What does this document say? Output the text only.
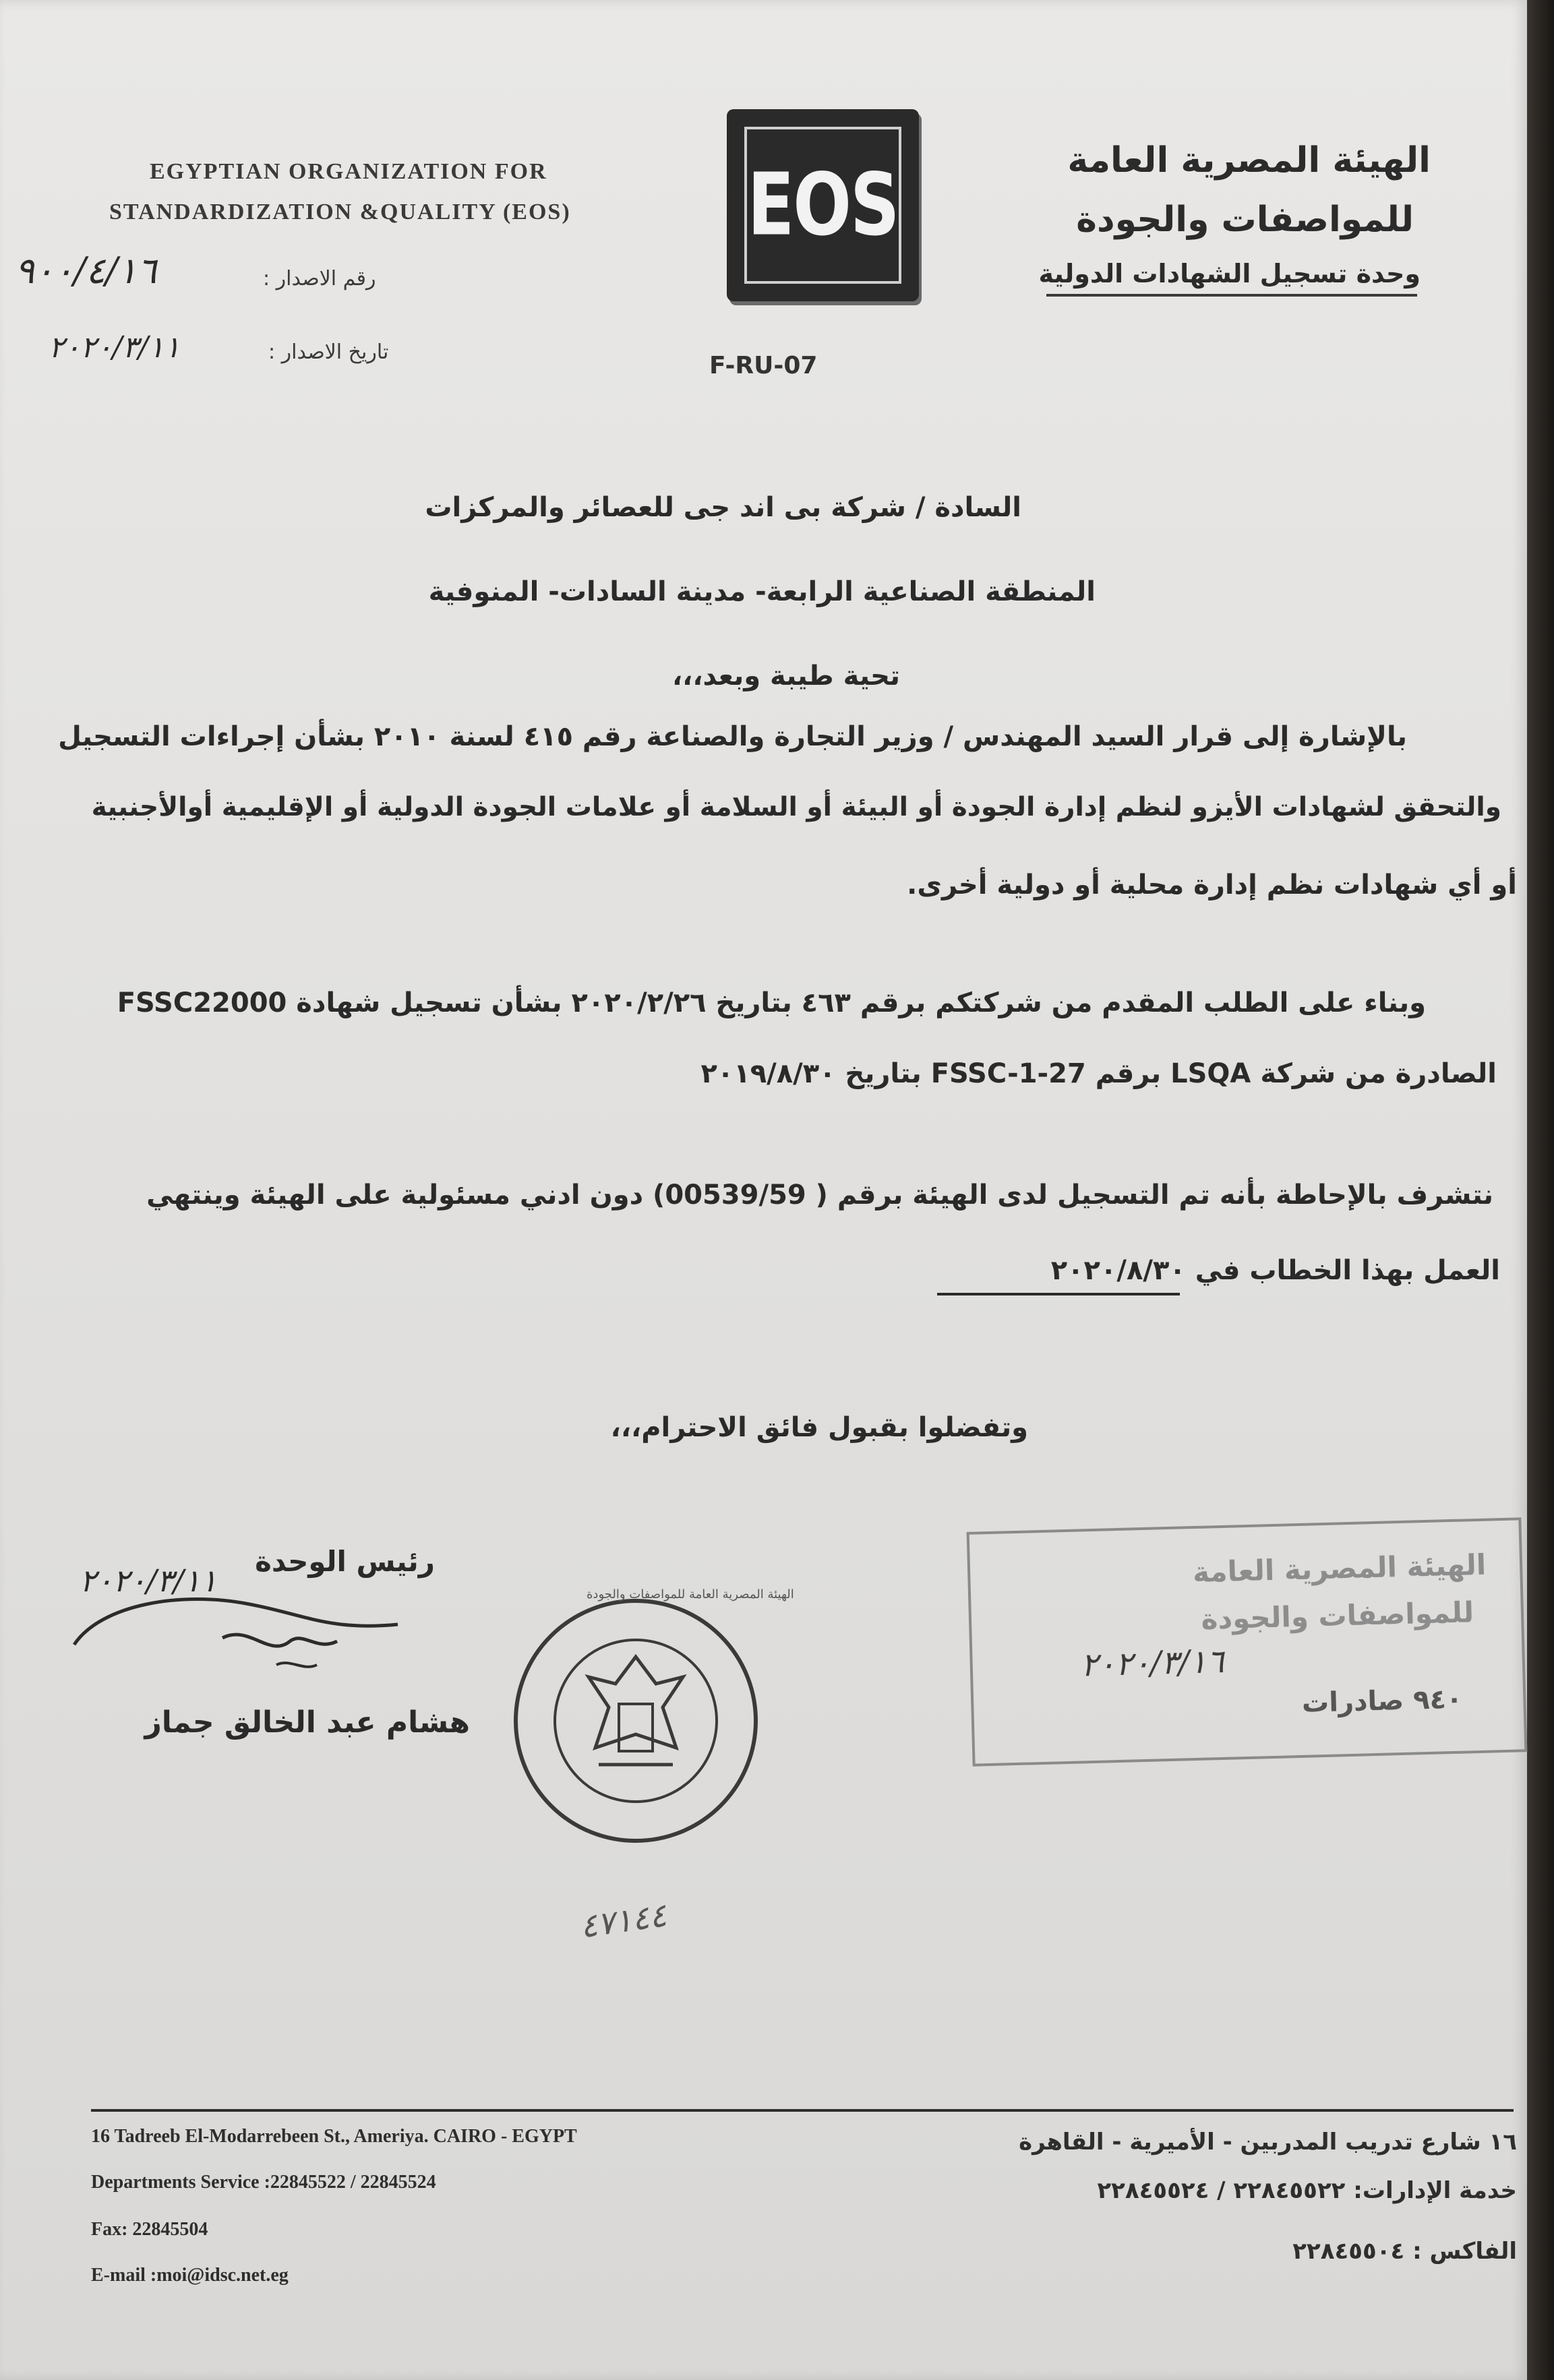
EGYPTIAN ORGANIZATION FOR
STANDARDIZATION &QUALITY (EOS)	EOS	الهيئة المصرية العامة
للمواصفات والجودة
وحدة تسجيل الشهادات الدولية
رقم الاصدار :
٩٠٠/٤/١٦
تاريخ الاصدار :
٢٠٢٠/٣/١١
F-RU-07
السادة / شركة بى اند جى للعصائر والمركزات
المنطقة الصناعية الرابعة- مدينة السادات- المنوفية
تحية طيبة وبعد،،،
بالإشارة إلى قرار السيد المهندس / وزير التجارة والصناعة رقم ٤١٥ لسنة ٢٠١٠ بشأن إجراءات التسجيل
والتحقق لشهادات الأيزو لنظم إدارة الجودة أو البيئة أو السلامة أو علامات الجودة الدولية أو الإقليمية أوالأجنبية
أو أي شهادات نظم إدارة محلية أو دولية أخرى.
وبناء على الطلب المقدم من شركتكم برقم ٤٦٣ بتاريخ ٢٠٢٠/٢/٢٦ بشأن تسجيل شهادة FSSC22000
الصادرة من شركة LSQA برقم FSSC-1-27 بتاريخ ٢٠١٩/٨/٣٠
نتشرف بالإحاطة بأنه تم التسجيل لدى الهيئة برقم ( 00539/59) دون ادني مسئولية على الهيئة وينتهي
العمل بهذا الخطاب في ٢٠٢٠/٨/٣٠
وتفضلوا بقبول فائق الاحترام،،،
رئيس الوحدة
٢٠٢٠/٣/١١
هشام عبد الخالق جماز
الهيئة المصرية العامة للمواصفات والجودة
٤٧١٤٤
الهيئة المصرية العامة
للمواصفات والجودة
٢٠٢٠/٣/١٦
٩٤٠ صادرات
16 Tadreeb El-Modarrebeen St., Ameriya. CAIRO - EGYPT
Departments Service :22845522 / 22845524
Fax: 22845504
E-mail :moi@idsc.net.eg
١٦ شارع تدريب المدربين - الأميرية - القاهرة
خدمة الإدارات: ٢٢٨٤٥٥٢٢ / ٢٢٨٤٥٥٢٤
الفاكس : ٢٢٨٤٥٥٠٤
